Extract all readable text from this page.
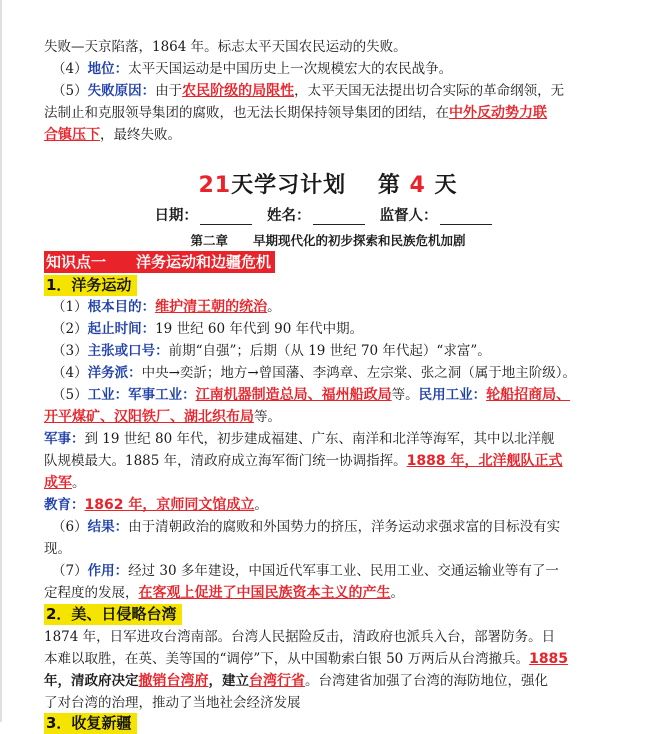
失败—天京陷落，1864 年。标志太平天国农民运动的失败。
（4）地位：太平天国运动是中国历史上一次规模宏大的农民战争。
（5）失败原因：由于农民阶级的局限性，太平天国无法提出切合实际的革命纲领，无
法制止和克服领导集团的腐败，也无法长期保持领导集团的团结，在中外反动势力联
合镇压下，最终失败。
21天学习计划　 第 4 天
日期：	姓名：	监督人：
第二章　　早期现代化的初步探索和民族危机加剧
知识点一　　洋务运动和边疆危机
1．洋务运动
（1）根本目的：维护清王朝的统治。
（2）起止时间：19 世纪 60 年代到 90 年代中期。
（3）主张或口号：前期“自强”；后期（从 19 世纪 70 年代起）“求富”。
（4）洋务派：中央→奕訢；地方→曾国藩、李鸿章、左宗棠、张之洞（属于地主阶级）。
（5）工业：军事工业：江南机器制造总局、福州船政局等。民用工业：轮船招商局、
开平煤矿、汉阳铁厂、湖北织布局等。
军事：到 19 世纪 80 年代，初步建成福建、广东、南洋和北洋等海军，其中以北洋舰
队规模最大。1885 年，清政府成立海军衙门统一协调指挥。1888 年，北洋舰队正式
成军。
教育：1862 年，京师同文馆成立。
（6）结果：由于清朝政治的腐败和外国势力的挤压，洋务运动求强求富的目标没有实
现。
（7）作用：经过 30 多年建设，中国近代军事工业、民用工业、交通运输业等有了一
定程度的发展，在客观上促进了中国民族资本主义的产生。
2．美、日侵略台湾
1874 年，日军进攻台湾南部。台湾人民据险反击，清政府也派兵入台，部署防务。日
本难以取胜，在英、美等国的“调停”下，从中国勒索白银 50 万两后从台湾撤兵。1885
年，清政府决定撤销台湾府，建立台湾行省。台湾建省加强了台湾的海防地位，强化
了对台湾的治理，推动了当地社会经济发展
3．收复新疆
